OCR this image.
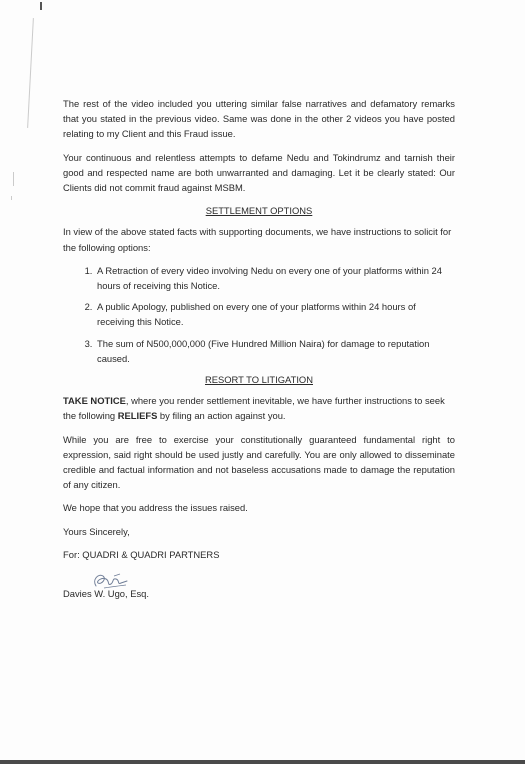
The rest of the video included you uttering similar false narratives and defamatory remarks that you stated in the previous video. Same was done in the other 2 videos you have posted relating to my Client and this Fraud issue.

Your continuous and relentless attempts to defame Nedu and Tokindrumz and tarnish their good and respected name are both unwarranted and damaging. Let it be clearly stated: Our Clients did not commit fraud against MSBM.

SETTLEMENT OPTIONS

In view of the above stated facts with supporting documents, we have instructions to solicit for the following options:

1. A Retraction of every video involving Nedu on every one of your platforms within 24 hours of receiving this Notice.
2. A public Apology, published on every one of your platforms within 24 hours of receiving this Notice.
3. The sum of N500,000,000 (Five Hundred Million Naira) for damage to reputation caused.

RESORT TO LITIGATION

TAKE NOTICE, where you render settlement inevitable, we have further instructions to seek the following RELIEFS by filing an action against you.

While you are free to exercise your constitutionally guaranteed fundamental right to expression, said right should be used justly and carefully. You are only allowed to disseminate credible and factual information and not baseless accusations made to damage the reputation of any citizen.

We hope that you address the issues raised.

Yours Sincerely,

For: QUADRI & QUADRI PARTNERS

Davies W. Ugo, Esq.
